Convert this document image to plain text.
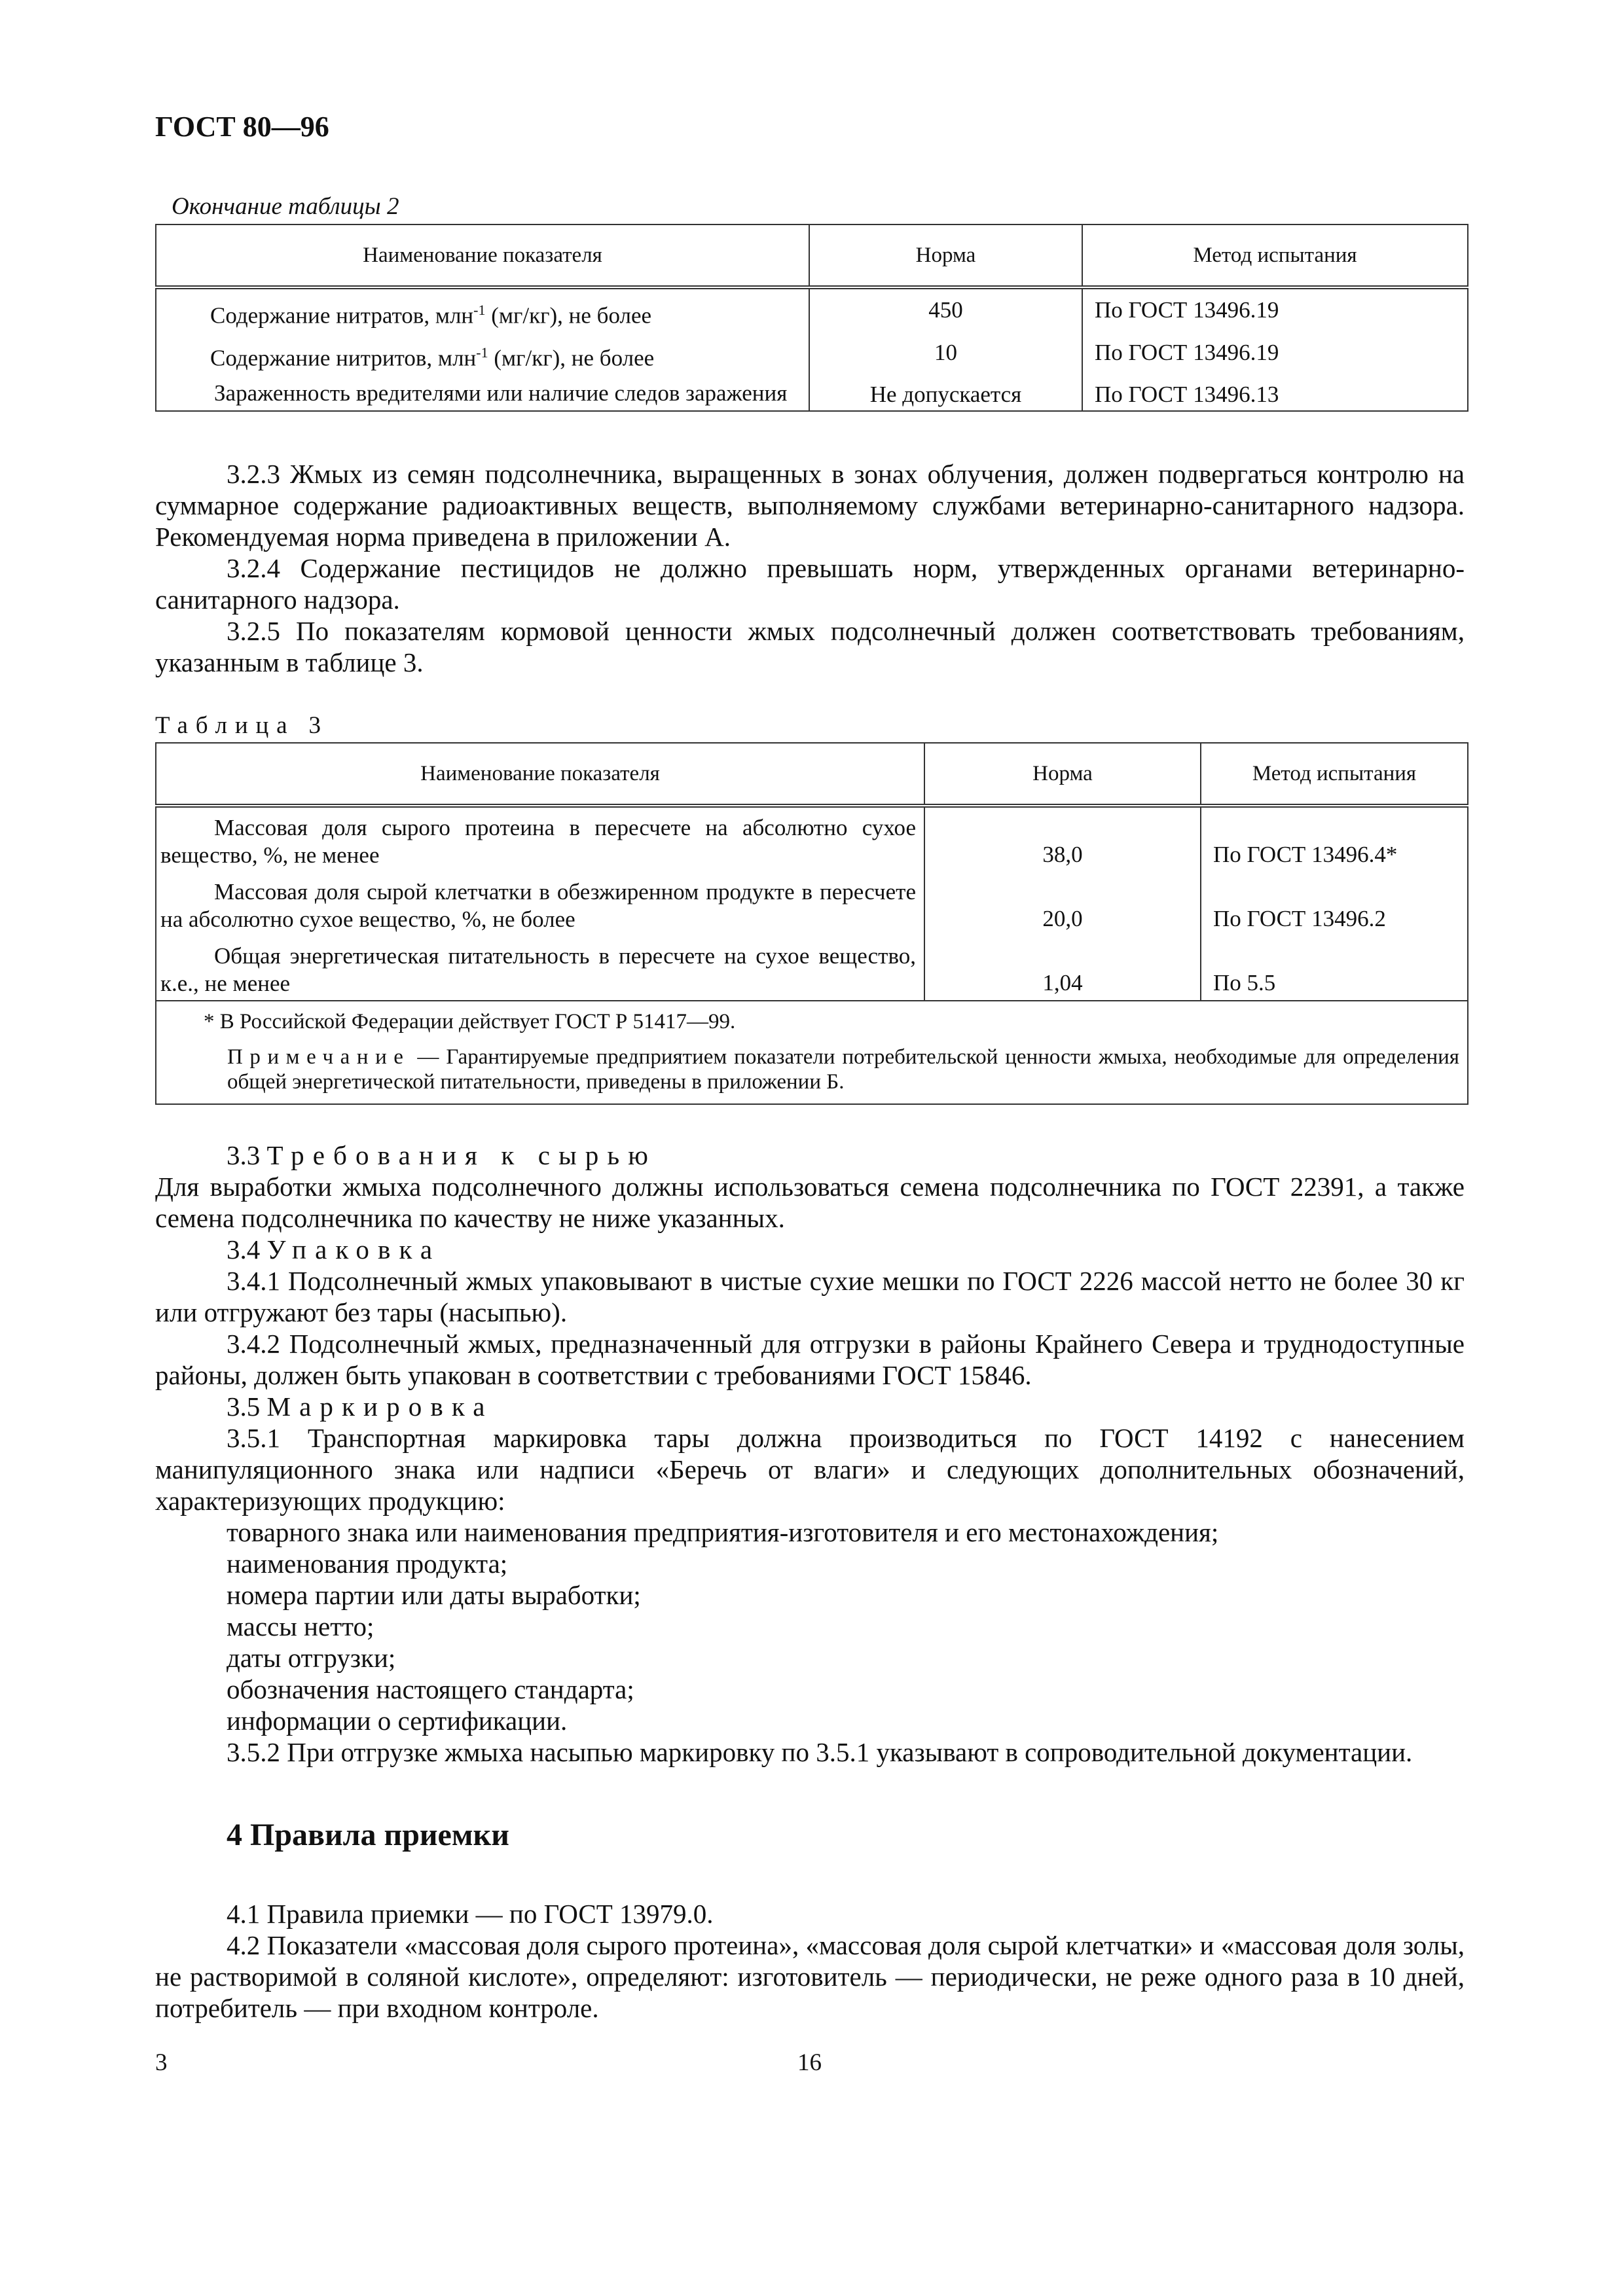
ГОСТ 80—96
Окончание таблицы 2
Наименование показателя	Норма	Метод испытания
Содержание нитратов, млн$^{-1}$ (мг/кг), не более	450	По ГОСТ 13496.19
Содержание нитритов, млн$^{-1}$ (мг/кг), не более	10	По ГОСТ 13496.19
Зараженность вредителями или наличие следов заражения	Не допускается	По ГОСТ 13496.13
3.2.3 Жмых из семян подсолнечника, выращенных в зонах облучения, должен подвергаться контролю на суммарное содержание радиоактивных веществ, выполняемому службами ветеринарно-санитарного надзора. Рекомендуемая норма приведена в приложении А.
3.2.4 Содержание пестицидов не должно превышать норм, утвержденных органами ветеринарно-санитарного надзора.
3.2.5 По показателям кормовой ценности жмых подсолнечный должен соответствовать требованиям, указанным в таблице 3.
Таблица 3
Наименование показателя	Норма	Метод испытания
Массовая доля сырого протеина в пересчете на абсолютно сухое вещество, %, не менее	38,0	По ГОСТ 13496.4*
Массовая доля сырой клетчатки в обезжиренном продукте в пересчете на абсолютно сухое вещество, %, не более	20,0	По ГОСТ 13496.2
Общая энергетическая питательность в пересчете на сухое вещество, к.е., не менее	1,04	По 5.5

* В Российской Федерации действует ГОСТ Р 51417—99.
Примечание — Гарантируемые предприятием показатели потребительской ценности жмыха, необходимые для определения общей энергетической питательности, приведены в приложении Б.		
3.3 Требования к сырью
Для выработки жмыха подсолнечного должны использоваться семена подсолнечника по ГОСТ 22391, а также семена подсолнечника по качеству не ниже указанных.
3.4 Упаковка
3.4.1 Подсолнечный жмых упаковывают в чистые сухие мешки по ГОСТ 2226 массой нетто не более 30 кг или отгружают без тары (насыпью).
3.4.2 Подсолнечный жмых, предназначенный для отгрузки в районы Крайнего Севера и труднодоступные районы, должен быть упакован в соответствии с требованиями ГОСТ 15846.
3.5 Маркировка
3.5.1 Транспортная маркировка тары должна производиться по ГОСТ 14192 с нанесением манипуляционного знака или надписи «Беречь от влаги» и следующих дополнительных обозначений, характеризующих продукцию:
товарного знака или наименования предприятия-изготовителя и его местонахождения;
наименования продукта;
номера партии или даты выработки;
массы нетто;
даты отгрузки;
обозначения настоящего стандарта;
информации о сертификации.
3.5.2 При отгрузке жмыха насыпью маркировку по 3.5.1 указывают в сопроводительной документации.
4 Правила приемки
4.1 Правила приемки — по ГОСТ 13979.0.
4.2 Показатели «массовая доля сырого протеина», «массовая доля сырой клетчатки» и «массовая доля золы, не растворимой в соляной кислоте», определяют: изготовитель — периодически, не реже одного раза в 10 дней, потребитель — при входном контроле.
3	16
